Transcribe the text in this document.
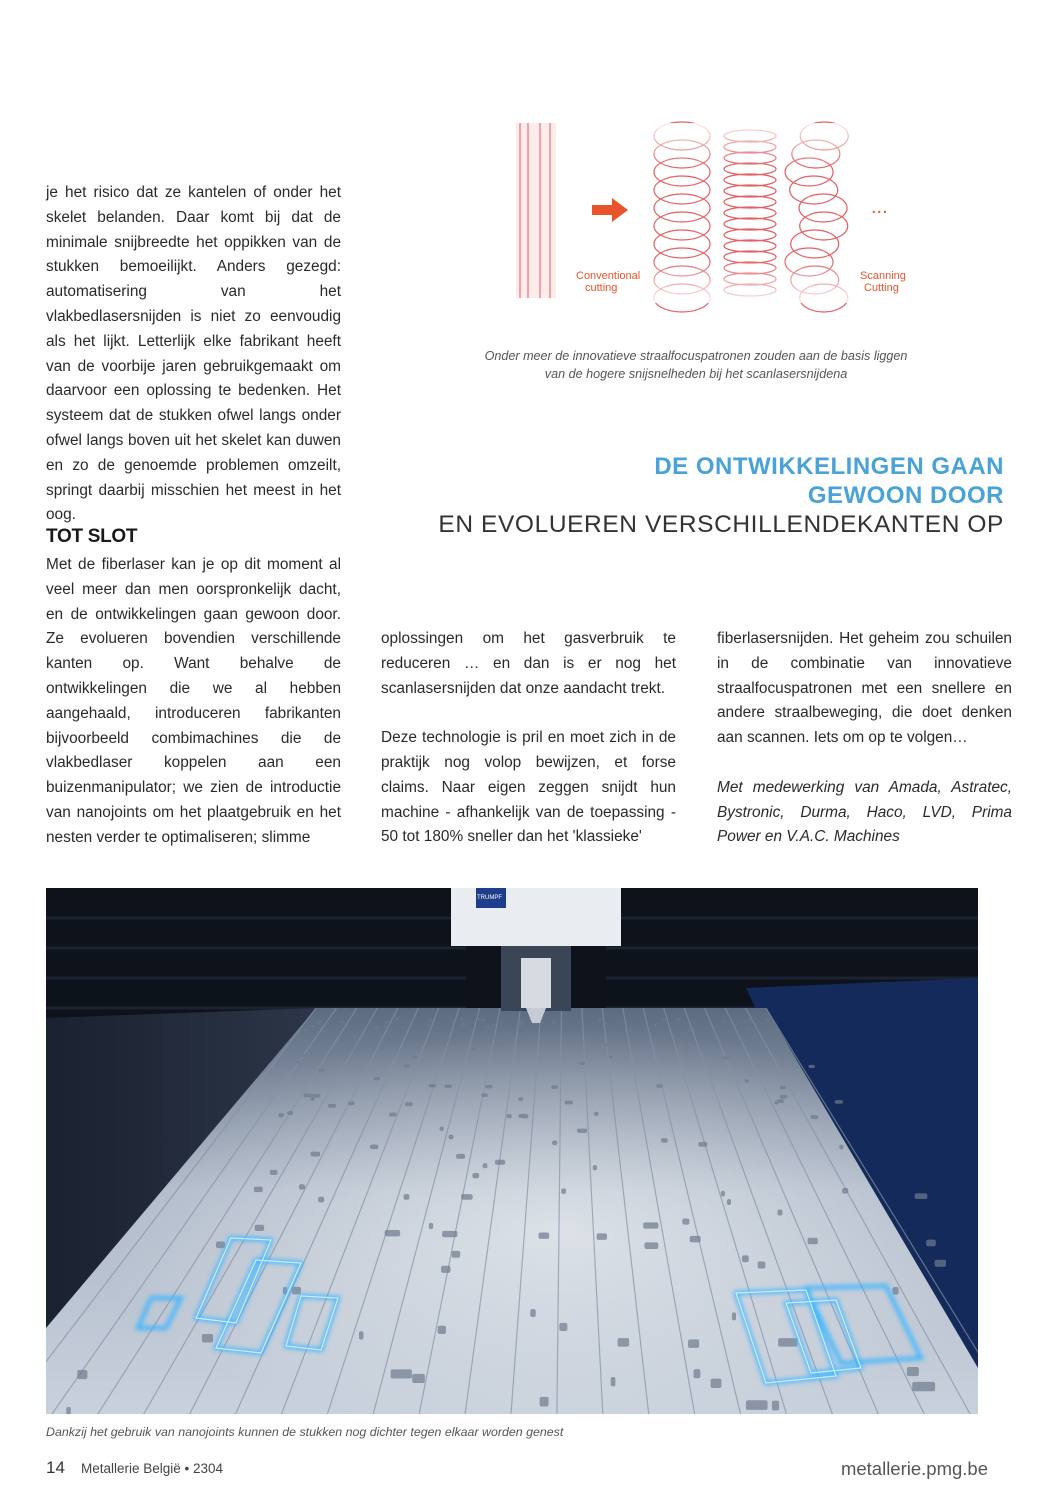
je het risico dat ze kantelen of onder het skelet belanden. Daar komt bij dat de minimale snijbreedte het oppikken van de stukken bemoeilijkt. Anders gezegd: automatisering van het vlakbedlasersnijden is niet zo eenvoudig als het lijkt. Letterlijk elke fabrikant heeft van de voorbije jaren gebruikgemaakt om daarvoor een oplossing te bedenken. Het systeem dat de stukken ofwel langs onder ofwel langs boven uit het skelet kan duwen en zo de genoemde problemen omzeilt, springt daarbij misschien het meest in het oog.

TOT SLOT

Met de fiberlaser kan je op dit moment al veel meer dan men oorspronkelijk dacht, en de ontwikkelingen gaan gewoon door. Ze evolueren bovendien verschillende kanten op. Want behalve de ontwikkelingen die we al hebben aangehaald, introduceren fabrikanten bijvoorbeeld combimachines die de vlakbedlaser koppelen aan een buizenmanipulator; we zien de introductie van nanojoints om het plaatgebruik en het nesten verder te optimaliseren; slimme

...
Conventional
cutting
Scanning
Cutting
Onder meer de innovatieve straalfocuspatronen zouden aan de basis liggen
van de hogere snijsnelheden bij het scanlasersnijdena
DE ONTWIKKELINGEN GAAN
GEWOON DOOR
EN EVOLUEREN VERSCHILLENDEKANTEN OP

oplossingen om het gasverbruik te reduceren … en dan is er nog het scanlasersnijden dat onze aandacht trekt.

Deze technologie is pril en moet zich in de praktijk nog volop bewijzen, et forse claims. Naar eigen zeggen snijdt hun machine - afhankelijk van de toepassing - 50 tot 180% sneller dan het 'klassieke'

fiberlasersnijden. Het geheim zou schuilen in de combinatie van innovatieve straalfocuspatronen met een snellere en andere straalbeweging, die doet denken aan scannen. Iets om op te volgen…

Met medewerking van Amada, Astratec, Bystronic, Durma, Haco, LVD, Prima Power en V.A.C. Machines

TRUMPF
Dankzij het gebruik van nanojoints kunnen de stukken nog dichter tegen elkaar worden genest
14 Metallerie België • 2304	metallerie.pmg.be
